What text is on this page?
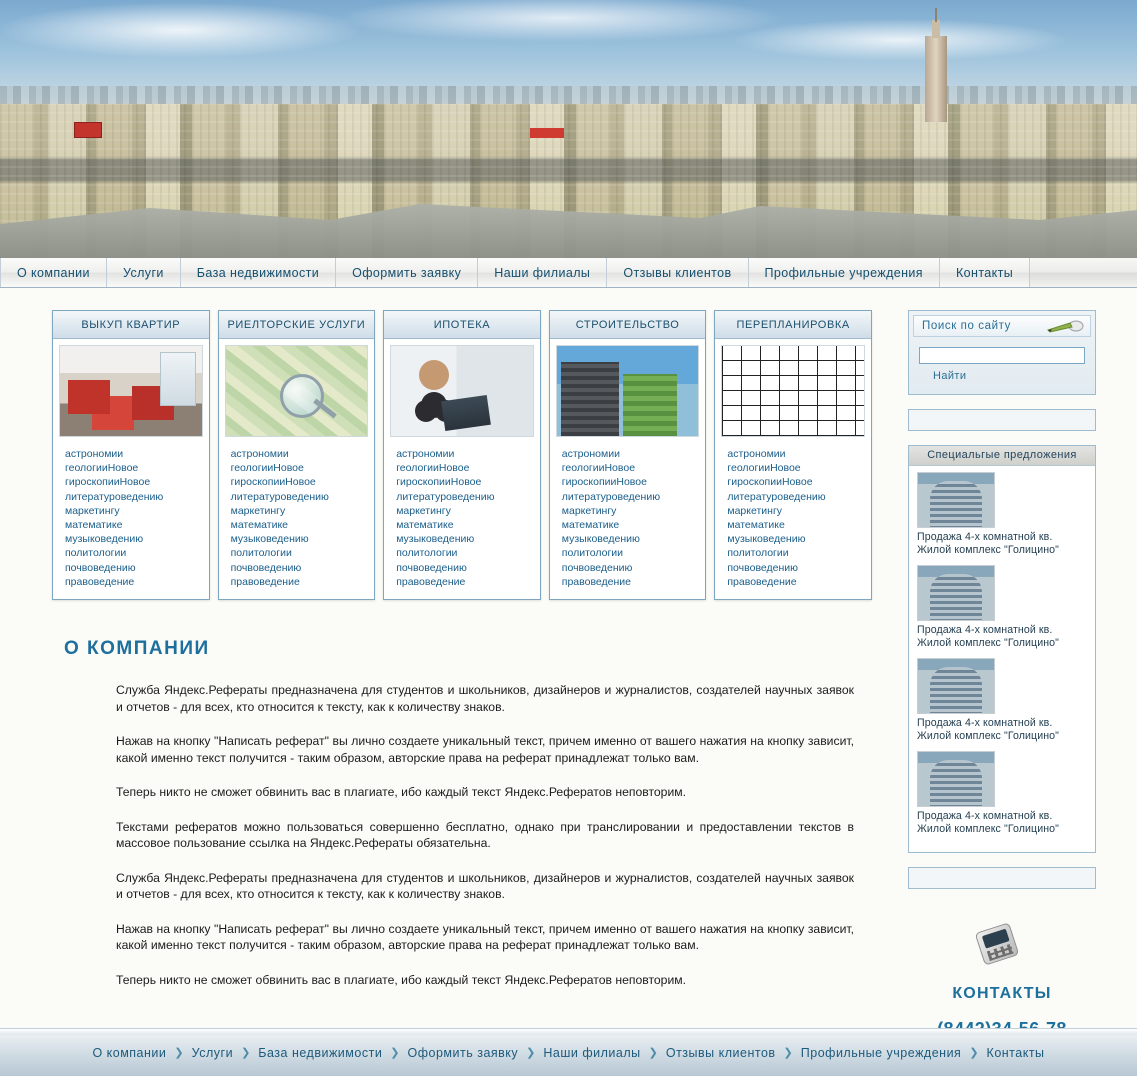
О компании	Услуги	База недвижимости	Оформить заявку	Наши филиалы	Отзывы клиентов	Профильные учреждения	Контакты
ВЫКУП КВАРТИР
астрономии
геологииНовое
гироскопииНовое
литературоведению
маркетингу
математике
музыковедению
политологии
почвоведению
правоведение
РИЕЛТОРСКИЕ УСЛУГИ
астрономии
геологииНовое
гироскопииНовое
литературоведению
маркетингу
математике
музыковедению
политологии
почвоведению
правоведение
ИПОТЕКА
астрономии
геологииНовое
гироскопииНовое
литературоведению
маркетингу
математике
музыковедению
политологии
почвоведению
правоведение
СТРОИТЕЛЬСТВО
астрономии
геологииНовое
гироскопииНовое
литературоведению
маркетингу
математике
музыковедению
политологии
почвоведению
правоведение
ПЕРЕПЛАНИРОВКА
астрономии
геологииНовое
гироскопииНовое
литературоведению
маркетингу
математике
музыковедению
политологии
почвоведению
правоведение
О КОМПАНИИ

Служба Яндекс.Рефераты предназначена для студентов и школьников, дизайнеров и журналистов, создателей научных заявок и отчетов - для всех, кто относится к тексту, как к количеству знаков.

Нажав на кнопку "Написать реферат" вы лично создаете уникальный текст, причем именно от вашего нажатия на кнопку зависит, какой именно текст получится - таким образом, авторские права на реферат принадлежат только вам.

Теперь никто не сможет обвинить вас в плагиате, ибо каждый текст Яндекс.Рефератов неповторим.

Текстами рефератов можно пользоваться совершенно бесплатно, однако при транслировании и предоставлении текстов в массовое пользование ссылка на Яндекс.Рефераты обязательна.

Служба Яндекс.Рефераты предназначена для студентов и школьников, дизайнеров и журналистов, создателей научных заявок и отчетов - для всех, кто относится к тексту, как к количеству знаков.

Нажав на кнопку "Написать реферат" вы лично создаете уникальный текст, причем именно от вашего нажатия на кнопку зависит, какой именно текст получится - таким образом, авторские права на реферат принадлежат только вам.

Теперь никто не сможет обвинить вас в плагиате, ибо каждый текст Яндекс.Рефератов неповторим.

Поиск по сайту
Найти
Специальгые предложения
Продажа 4-х комнатной кв.
Жилой комплекс "Голицино"
Продажа 4-х комнатной кв.
Жилой комплекс "Голицино"
Продажа 4-х комнатной кв.
Жилой комплекс "Голицино"
Продажа 4-х комнатной кв.
Жилой комплекс "Голицино"
КОНТАКТЫ
О компании ❯ Услуги ❯ База недвижимости ❯ Оформить заявку ❯ Наши филиалы ❯ Отзывы клиентов ❯ Профильные учреждения ❯ Контакты
